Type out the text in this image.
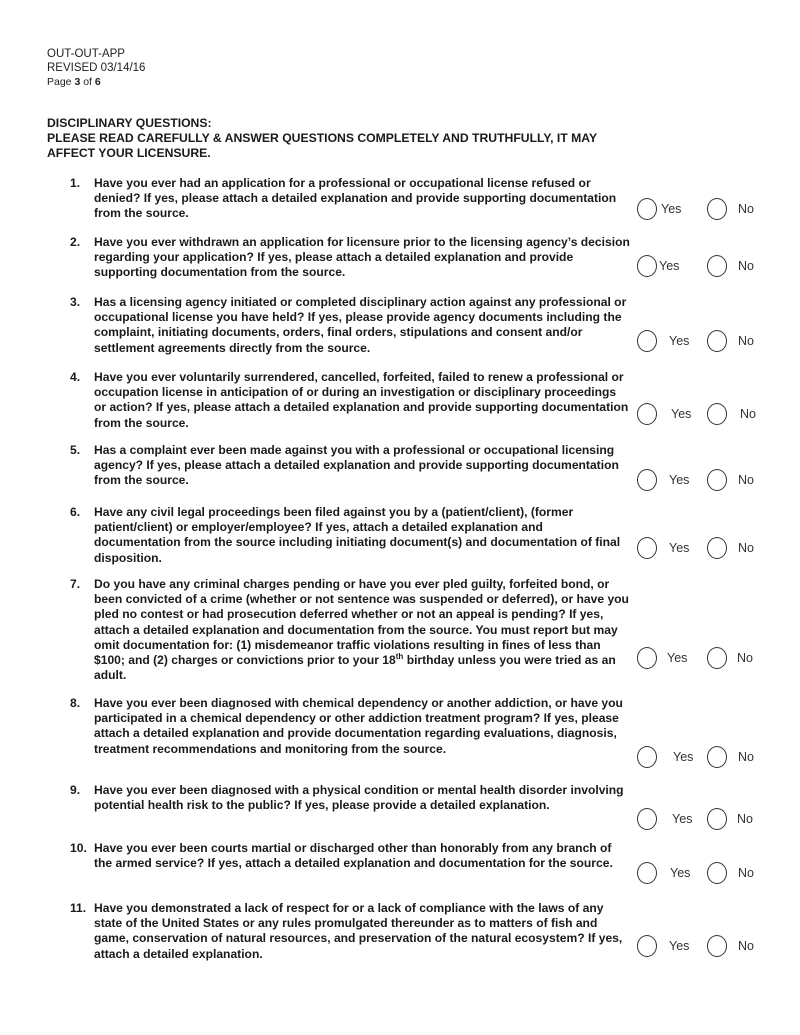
OUT-OUT-APP
REVISED 03/14/16
Page 3 of 6
DISCIPLINARY QUESTIONS:
PLEASE READ CAREFULLY & ANSWER QUESTIONS COMPLETELY AND TRUTHFULLY, IT MAY AFFECT YOUR LICENSURE.
1.	Have you ever had an application for a professional or occupational license refused or denied? If yes, please attach a detailed explanation and provide supporting documentation from the source.	Yes	No
2.	Have you ever withdrawn an application for licensure prior to the licensing agency’s decision regarding your application? If yes, please attach a detailed explanation and provide supporting documentation from the source.	Yes	No
3.	Has a licensing agency initiated or completed disciplinary action against any professional or occupational license you have held? If yes, please provide agency documents including the complaint, initiating documents, orders, final orders, stipulations and consent and/or settlement agreements directly from the source.	Yes	No
4.	Have you ever voluntarily surrendered, cancelled, forfeited, failed to renew a professional or occupation license in anticipation of or during an investigation or disciplinary proceedings or action? If yes, please attach a detailed explanation and provide supporting documentation from the source.
Yes	No
5.	Has a complaint ever been made against you with a professional or occupational licensing agency? If yes, please attach a detailed explanation and provide supporting documentation from the source.	Yes	No
6.	Have any civil legal proceedings been filed against you by a (patient/client), (former patient/client) or employer/employee? If yes, attach a detailed explanation and documentation from the source including initiating document(s) and documentation of final disposition.
Yes	No
7.	Do you have any criminal charges pending or have you ever pled guilty, forfeited bond, or been convicted of a crime (whether or not sentence was suspended or deferred), or have you pled no contest or had prosecution deferred whether or not an appeal is pending? If yes, attach a detailed explanation and documentation from the source. You must report but may omit documentation for: (1) misdemeanor traffic violations resulting in fines of less than $100; and (2) charges or convictions prior to your 18th birthday unless you were tried as an adult.
Yes	No
8.	Have you ever been diagnosed with chemical dependency or another addiction, or have you participated in a chemical dependency or other addiction treatment program? If yes, please attach a detailed explanation and provide documentation regarding evaluations, diagnosis, treatment recommendations and monitoring from the source.
Yes	No
9.	Have you ever been diagnosed with a physical condition or mental health disorder involving potential health risk to the public? If yes, please provide a detailed explanation.
Yes	No
10. Have you ever been courts martial or discharged other than honorably from any branch of the armed service? If yes, attach a detailed explanation and documentation for the source.
Yes	No
11. Have you demonstrated a lack of respect for or a lack of compliance with the laws of any state of the United States or any rules promulgated thereunder as to matters of fish and game, conservation of natural resources, and preservation of the natural ecosystem? If yes, attach a detailed explanation.
Yes	No
